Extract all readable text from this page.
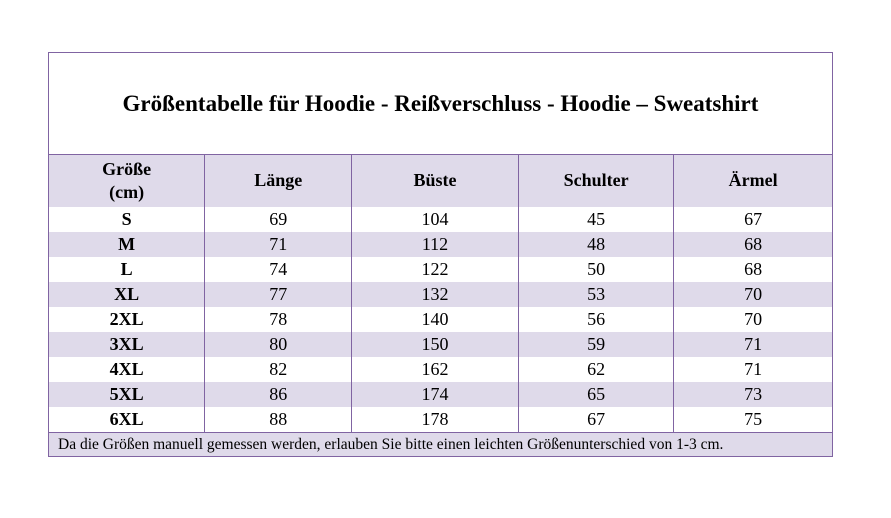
Größentabelle für Hoodie - Reißverschluss - Hoodie – Sweatshirt
Größe
(cm)	Länge	Büste	Schulter	Ärmel
S	69	104	45	67
M	71	112	48	68
L	74	122	50	68
XL	77	132	53	70
2XL	78	140	56	70
3XL	80	150	59	71
4XL	82	162	62	71
5XL	86	174	65	73
6XL	88	178	67	75
Da die Größen manuell gemessen werden, erlauben Sie bitte einen leichten Größenunterschied von 1-3 cm.
